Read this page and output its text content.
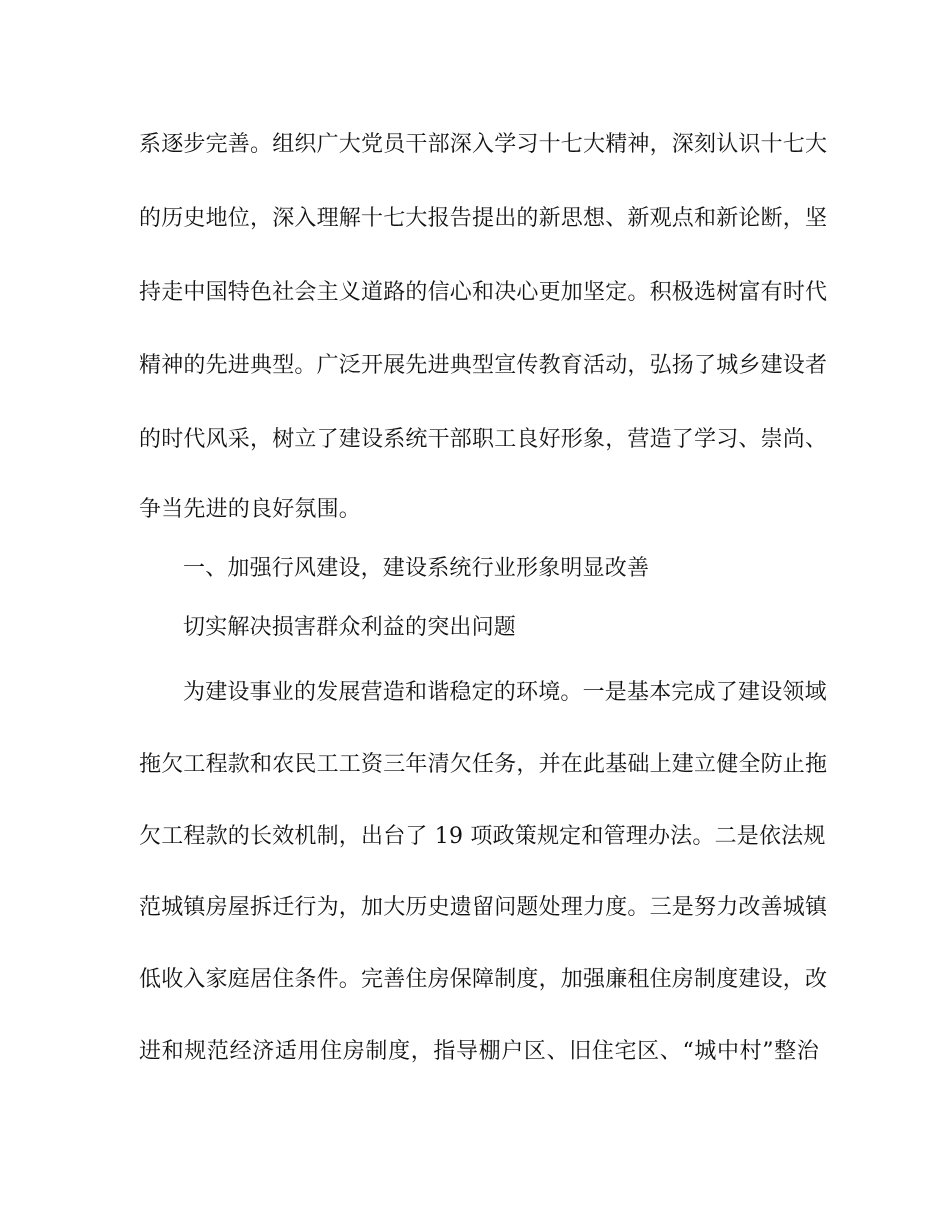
系逐步完善。组织广大党员干部深入学习十七大精神，深刻认识十七大
的历史地位，深入理解十七大报告提出的新思想、新观点和新论断，坚
持走中国特色社会主义道路的信心和决心更加坚定。积极选树富有时代
精神的先进典型。广泛开展先进典型宣传教育活动，弘扬了城乡建设者
的时代风采，树立了建设系统干部职工良好形象，营造了学习、崇尚、
争当先进的良好氛围。
一、加强行风建设，建设系统行业形象明显改善
切实解决损害群众利益的突出问题
为建设事业的发展营造和谐稳定的环境。一是基本完成了建设领域
拖欠工程款和农民工工资三年清欠任务，并在此基础上建立健全防止拖
欠工程款的长效机制，出台了 19 项政策规定和管理办法。二是依法规
范城镇房屋拆迁行为，加大历史遗留问题处理力度。三是努力改善城镇
低收入家庭居住条件。完善住房保障制度，加强廉租住房制度建设，改
进和规范经济适用住房制度，指导棚户区、旧住宅区、“城中村”整治
